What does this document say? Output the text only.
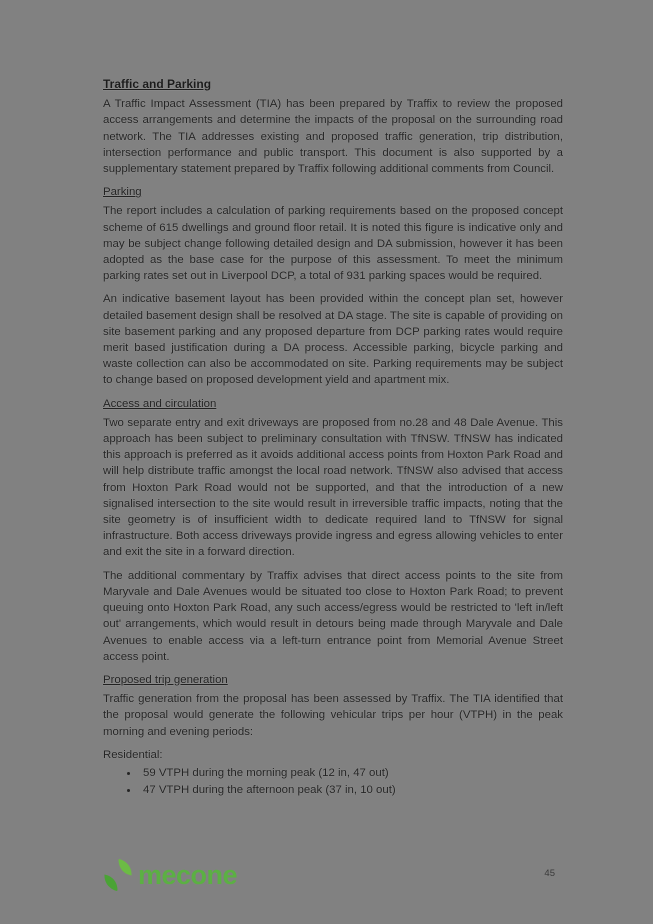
Traffic and Parking

A Traffic Impact Assessment (TIA) has been prepared by Traffix to review the proposed access arrangements and determine the impacts of the proposal on the surrounding road network. The TIA addresses existing and proposed traffic generation, trip distribution, intersection performance and public transport. This document is also supported by a supplementary statement prepared by Traffix following additional comments from Council.

Parking

The report includes a calculation of parking requirements based on the proposed concept scheme of 615 dwellings and ground floor retail. It is noted this figure is indicative only and may be subject change following detailed design and DA submission, however it has been adopted as the base case for the purpose of this assessment. To meet the minimum parking rates set out in Liverpool DCP, a total of 931 parking spaces would be required.

An indicative basement layout has been provided within the concept plan set, however detailed basement design shall be resolved at DA stage. The site is capable of providing on site basement parking and any proposed departure from DCP parking rates would require merit based justification during a DA process. Accessible parking, bicycle parking and waste collection can also be accommodated on site. Parking requirements may be subject to change based on proposed development yield and apartment mix.

Access and circulation

Two separate entry and exit driveways are proposed from no.28 and 48 Dale Avenue. This approach has been subject to preliminary consultation with TfNSW. TfNSW has indicated this approach is preferred as it avoids additional access points from Hoxton Park Road and will help distribute traffic amongst the local road network. TfNSW also advised that access from Hoxton Park Road would not be supported, and that the introduction of a new signalised intersection to the site would result in irreversible traffic impacts, noting that the site geometry is of insufficient width to dedicate required land to TfNSW for signal infrastructure. Both access driveways provide ingress and egress allowing vehicles to enter and exit the site in a forward direction.

The additional commentary by Traffix advises that direct access points to the site from Maryvale and Dale Avenues would be situated too close to Hoxton Park Road; to prevent queuing onto Hoxton Park Road, any such access/egress would be restricted to 'left in/left out' arrangements, which would result in detours being made through Maryvale and Dale Avenues to enable access via a left-turn entrance point from Memorial Avenue Street access point.

Proposed trip generation

Traffic generation from the proposal has been assessed by Traffix. The TIA identified that the proposal would generate the following vehicular trips per hour (VTPH) in the peak morning and evening periods:

Residential:

• 59 VTPH during the morning peak (12 in, 47 out)
• 47 VTPH during the afternoon peak (37 in, 10 out)
mecone	45
